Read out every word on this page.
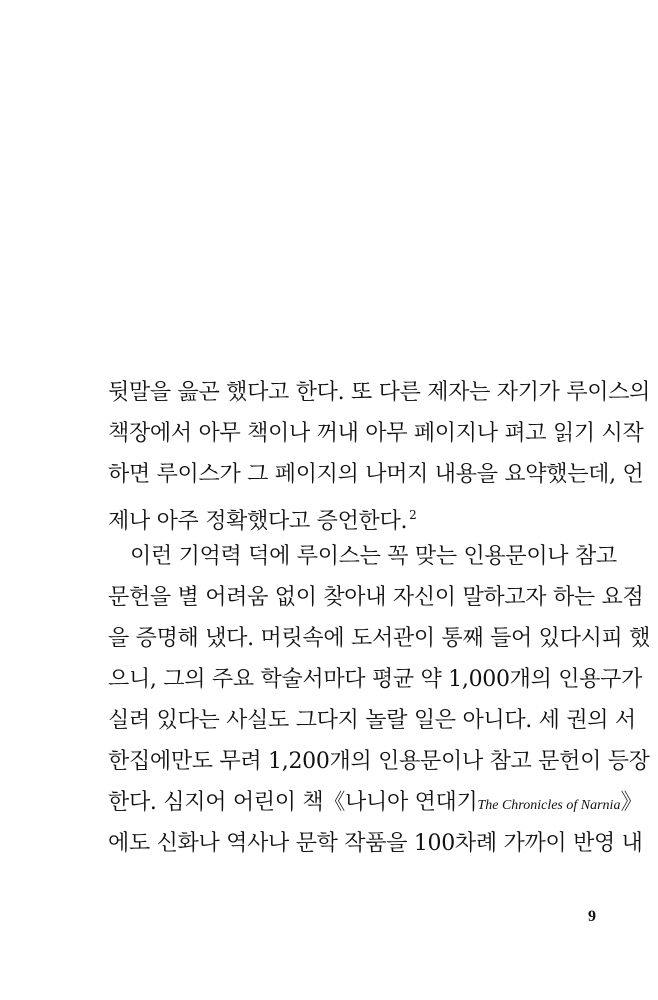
뒷말을 읊곤 했다고 한다. 또 다른 제자는 자기가 루이스의
책장에서 아무 책이나 꺼내 아무 페이지나 펴고 읽기 시작
하면 루이스가 그 페이지의 나머지 내용을 요약했는데, 언
제나 아주 정확했다고 증언한다. $^2$
이런 기억력 덕에 루이스는 꼭 맞는 인용문이나 참고
문헌을 별 어려움 없이 찾아내 자신이 말하고자 하는 요점
을 증명해 냈다. 머릿속에 도서관이 통째 들어 있다시피 했
으니, 그의 주요 학술서마다 평균 약 1,000개의 인용구가
실려 있다는 사실도 그다지 놀랄 일은 아니다. 세 권의 서
한집에만도 무려 1,200개의 인용문이나 참고 문헌이 등장
한다. 심지어 어린이 책《나니아 연대기The Chronicles of Narnia》
에도 신화나 역사나 문학 작품을 100차례 가까이 반영 내
9
